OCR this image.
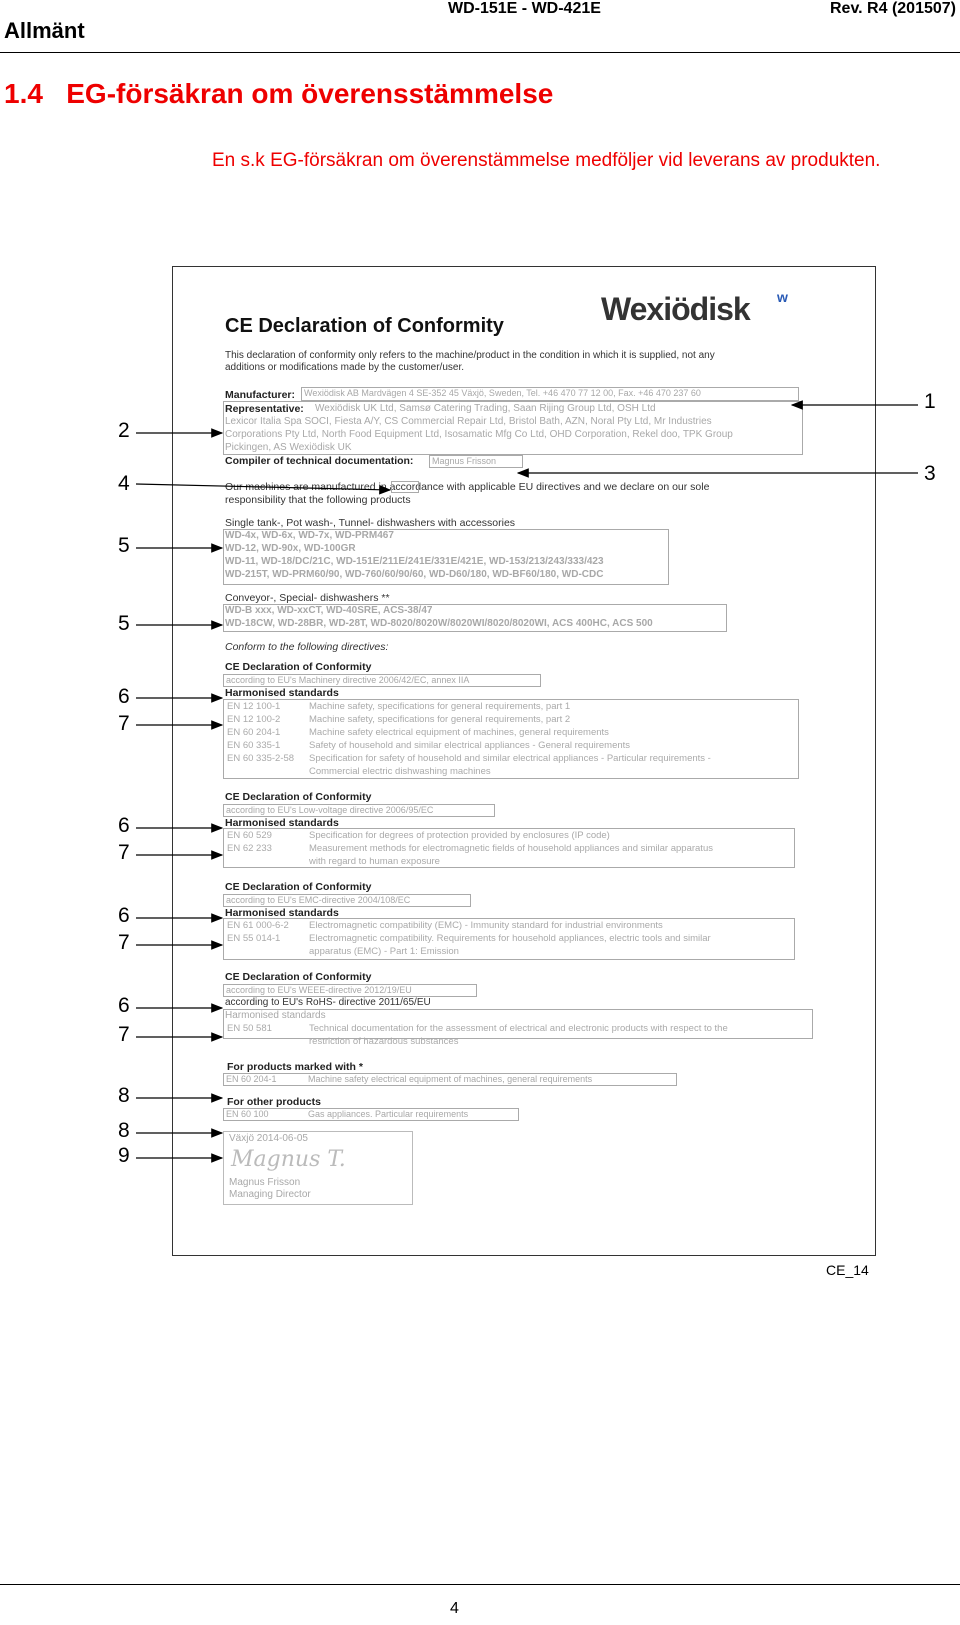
Allmänt
WD-151E - WD-421E	Rev. R4 (201507)
1.4	EG-försäkran om överensstämmelse
En s.k EG-försäkran om överenstämmelse medföljer vid leverans av produkten.
Wexiödisk ᴡ
CE Declaration of Conformity
This declaration of conformity only refers to the machine/product in the condition in which it is supplied, not any
additions or modifications made by the customer/user.
Manufacturer: Wexiödisk AB Mardvägen 4 SE-352 45 Växjö, Sweden, Tel. +46 470 77 12 00, Fax. +46 470 237 60
Representative: Wexiödisk UK Ltd, Samsø Catering Trading, Saan Rijing Group Ltd, OSH Ltd
Lexicor Italia Spa SOCI, Fiesta A/Y, CS Commercial Repair Ltd, Bristol Bath, AZN, Noral Pty Ltd, Mr Industries
Corporations Pty Ltd, North Food Equipment Ltd, Isosamatic Mfg Co Ltd, OHD Corporation, Rekel doo, TPK Group
Pickingen, AS Wexiödisk UK
Compiler of technical documentation: Magnus Frisson
Our machines are manufactured in accordance with applicable EU directives and we declare on our sole
responsibility that the following products
Single tank-, Pot wash-, Tunnel- dishwashers with accessories
WD-4x, WD-6x, WD-7x, WD-PRM467
WD-12, WD-90x, WD-100GR
WD-11, WD-18/DC/21C, WD-151E/211E/241E/331E/421E, WD-153/213/243/333/423
WD-215T, WD-PRM60/90, WD-760/60/90/60, WD-D60/180, WD-BF60/180, WD-CDC
Conveyor-, Special- dishwashers **
WD-B xxx, WD-xxCT, WD-40SRE, ACS-38/47
WD-18CW, WD-28BR, WD-28T, WD-8020/8020W/8020WI/8020/8020WI, ACS 400HC, ACS 500
Conform to the following directives:
CE Declaration of Conformity
according to EU's Machinery directive 2006/42/EC, annex IIA
Harmonised standards
EN 12 100-1	Machine safety, specifications for general requirements, part 1
EN 12 100-2	Machine safety, specifications for general requirements, part 2
EN 60 204-1	Machine safety electrical equipment of machines, general requirements
EN 60 335-1	Safety of household and similar electrical appliances - General requirements
EN 60 335-2-58 Specification for safety of household and similar electrical appliances - Particular requirements -
Commercial electric dishwashing machines
CE Declaration of Conformity
according to EU's Low-voltage directive 2006/95/EC
Harmonised standards
EN 60 529	Specification for degrees of protection provided by enclosures (IP code)
EN 62 233	Measurement methods for electromagnetic fields of household appliances and similar apparatus
with regard to human exposure
CE Declaration of Conformity
according to EU's EMC-directive 2004/108/EC
Harmonised standards
EN 61 000-6-2 Electromagnetic compatibility (EMC) - Immunity standard for industrial environments
EN 55 014-1	Electromagnetic compatibility. Requirements for household appliances, electric tools and similar
apparatus (EMC) - Part 1: Emission
CE Declaration of Conformity
according to EU's WEEE-directive 2012/19/EU
according to EU's RoHS- directive 2011/65/EU
Harmonised standards
EN 50 581	Technical documentation for the assessment of electrical and electronic products with respect to the
restriction of hazardous substances
For products marked with *
EN 60 204-1	Machine safety electrical equipment of machines, general requirements
For other products
EN 60 100	Gas appliances. Particular requirements
Växjö 2014-06-05
Magnus T.
Magnus Frisson
Managing Director
CE_14
1
2
3
4
5
5
6
7
6
7
6
7
6
7
8
8
9
4
